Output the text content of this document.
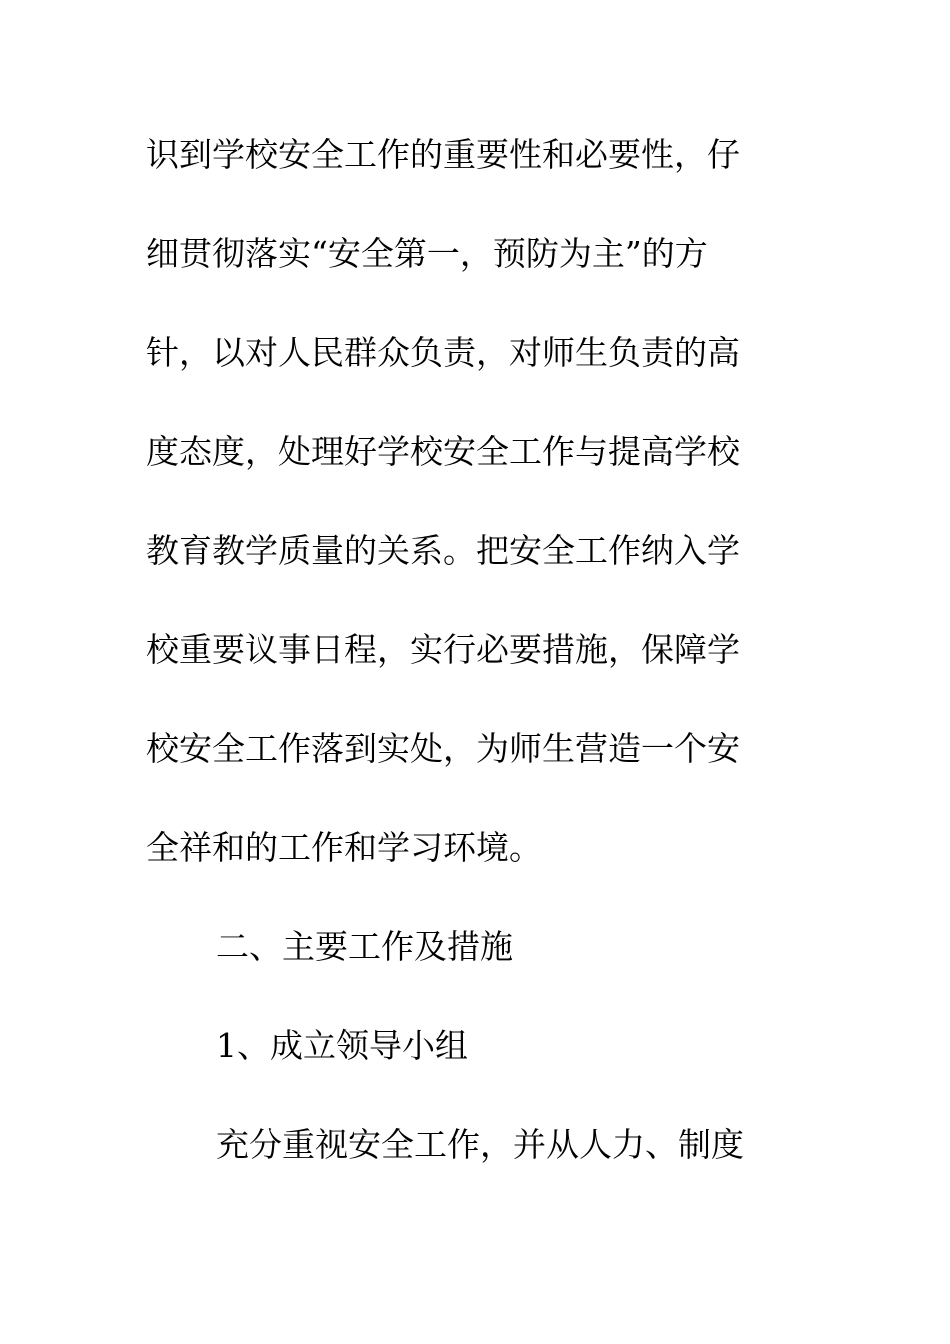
识到学校安全工作的重要性和必要性，仔
细贯彻落实“安全第一，预防为主”的方
针，以对人民群众负责，对师生负责的高
度态度，处理好学校安全工作与提高学校
教育教学质量的关系。把安全工作纳入学
校重要议事日程，实行必要措施，保障学
校安全工作落到实处，为师生营造一个安
全祥和的工作和学习环境。
二、主要工作及措施
1、成立领导小组
充分重视安全工作，并从人力、制度
